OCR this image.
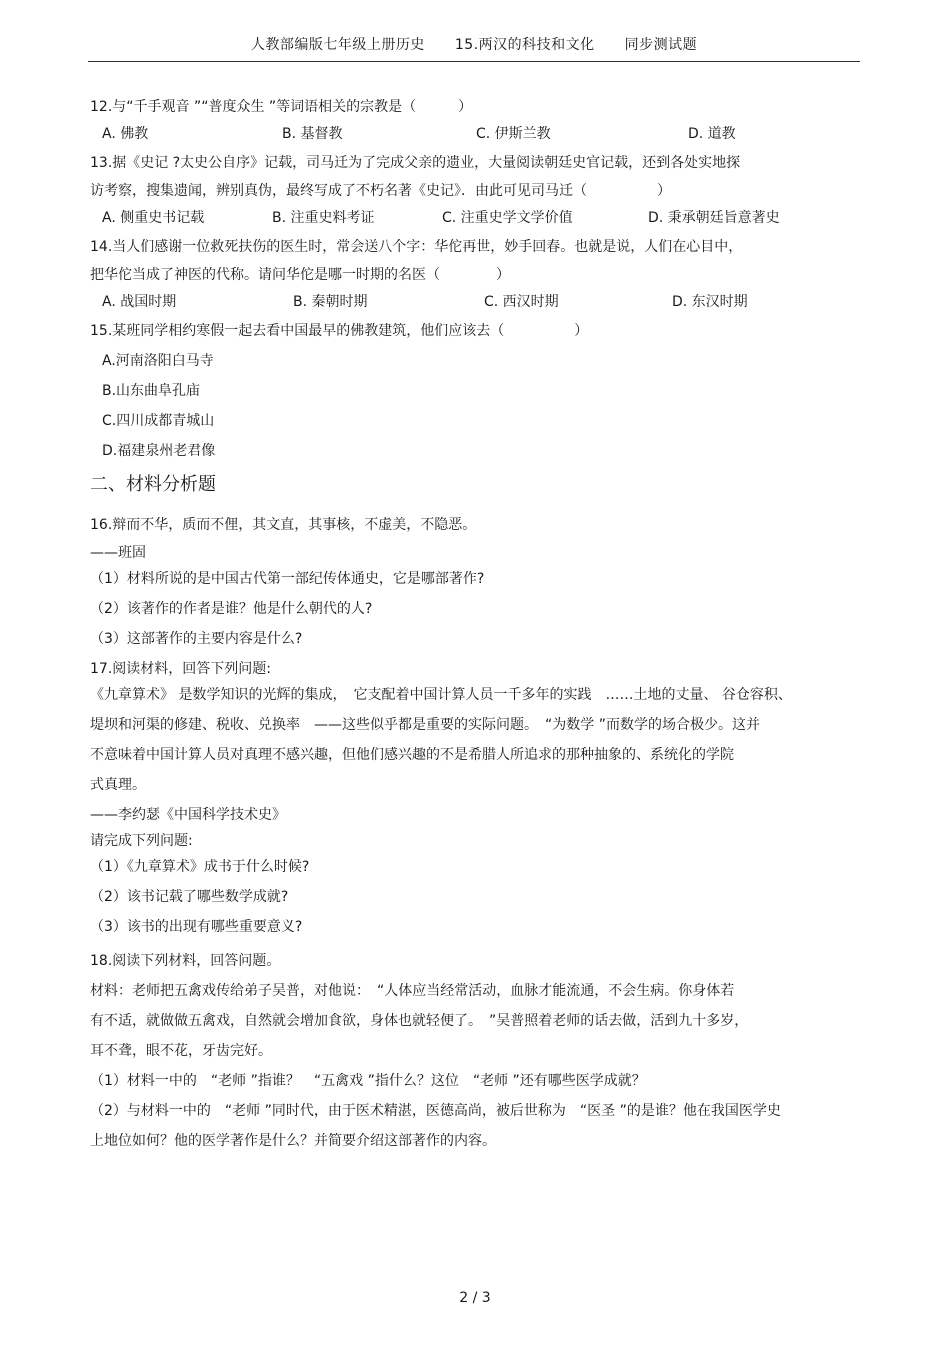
人教部编版七年级上册历史 15.两汉的科技和文化 同步测试题
12.与“千手观音 ”“普度众生 ”等词语相关的宗教是（　　　）
A. 佛教	B. 基督教	C. 伊斯兰教	D. 道教
13.据《史记 ?太史公自序》记载，司马迁为了完成父亲的遗业，大量阅读朝廷史官记载，还到各处实地探
访考察，搜集遗闻，辨别真伪，最终写成了不朽名著《史记》．由此可见司马迁（　　　　　）
A. 侧重史书记载	B. 注重史料考证	C. 注重史学文学价值	D. 秉承朝廷旨意著史
14.当人们感谢一位救死扶伤的医生时，常会送八个字：华佗再世，妙手回春。也就是说，人们在心目中，
把华佗当成了神医的代称。请问华佗是哪一时期的名医（　　　　）
A. 战国时期	B. 秦朝时期	C. 西汉时期	D. 东汉时期
15.某班同学相约寒假一起去看中国最早的佛教建筑，他们应该去（　　　　　）
A.河南洛阳白马寺
B.山东曲阜孔庙
C.四川成都青城山
D.福建泉州老君像
二、材料分析题
16.辩而不华，质而不俚，其文直，其事核，不虚美，不隐恶。
——班固
（1）材料所说的是中国古代第一部纪传体通史，它是哪部著作?
（2）该著作的作者是谁？他是什么朝代的人?
（3）这部著作的主要内容是什么?
17.阅读材料，回答下列问题:
《九章算术》 是数学知识的光辉的集成，　它支配着中国计算人员一千多年的实践　……土地的丈量、 谷仓容积、
堤坝和河渠的修建、税收、兑换率　——这些似乎都是重要的实际问题。　“为数学 ”而数学的场合极少。这并
不意味着中国计算人员对真理不感兴趣，但他们感兴趣的不是希腊人所追求的那种抽象的、系统化的学院
式真理。
——李约瑟《中国科学技术史》
请完成下列问题:
（1）《九章算术》成书于什么时候?
（2）该书记载了哪些数学成就?
（3）该书的出现有哪些重要意义?
18.阅读下列材料，回答问题。
材料：老师把五禽戏传给弟子吴普，对他说：　“人体应当经常活动，血脉才能流通，不会生病。你身体若
有不适，就做做五禽戏，自然就会增加食欲，身体也就轻便了。　”吴普照着老师的话去做，活到九十多岁，
耳不聋，眼不花，牙齿完好。
（1）材料一中的　“老师 ”指谁？　“五禽戏 ”指什么？这位　“老师 ”还有哪些医学成就？
（2）与材料一中的　“老师 ”同时代，由于医术精湛，医德高尚，被后世称为　“医圣 ”的是谁？他在我国医学史
上地位如何？他的医学著作是什么？并简要介绍这部著作的内容。
2 / 3
